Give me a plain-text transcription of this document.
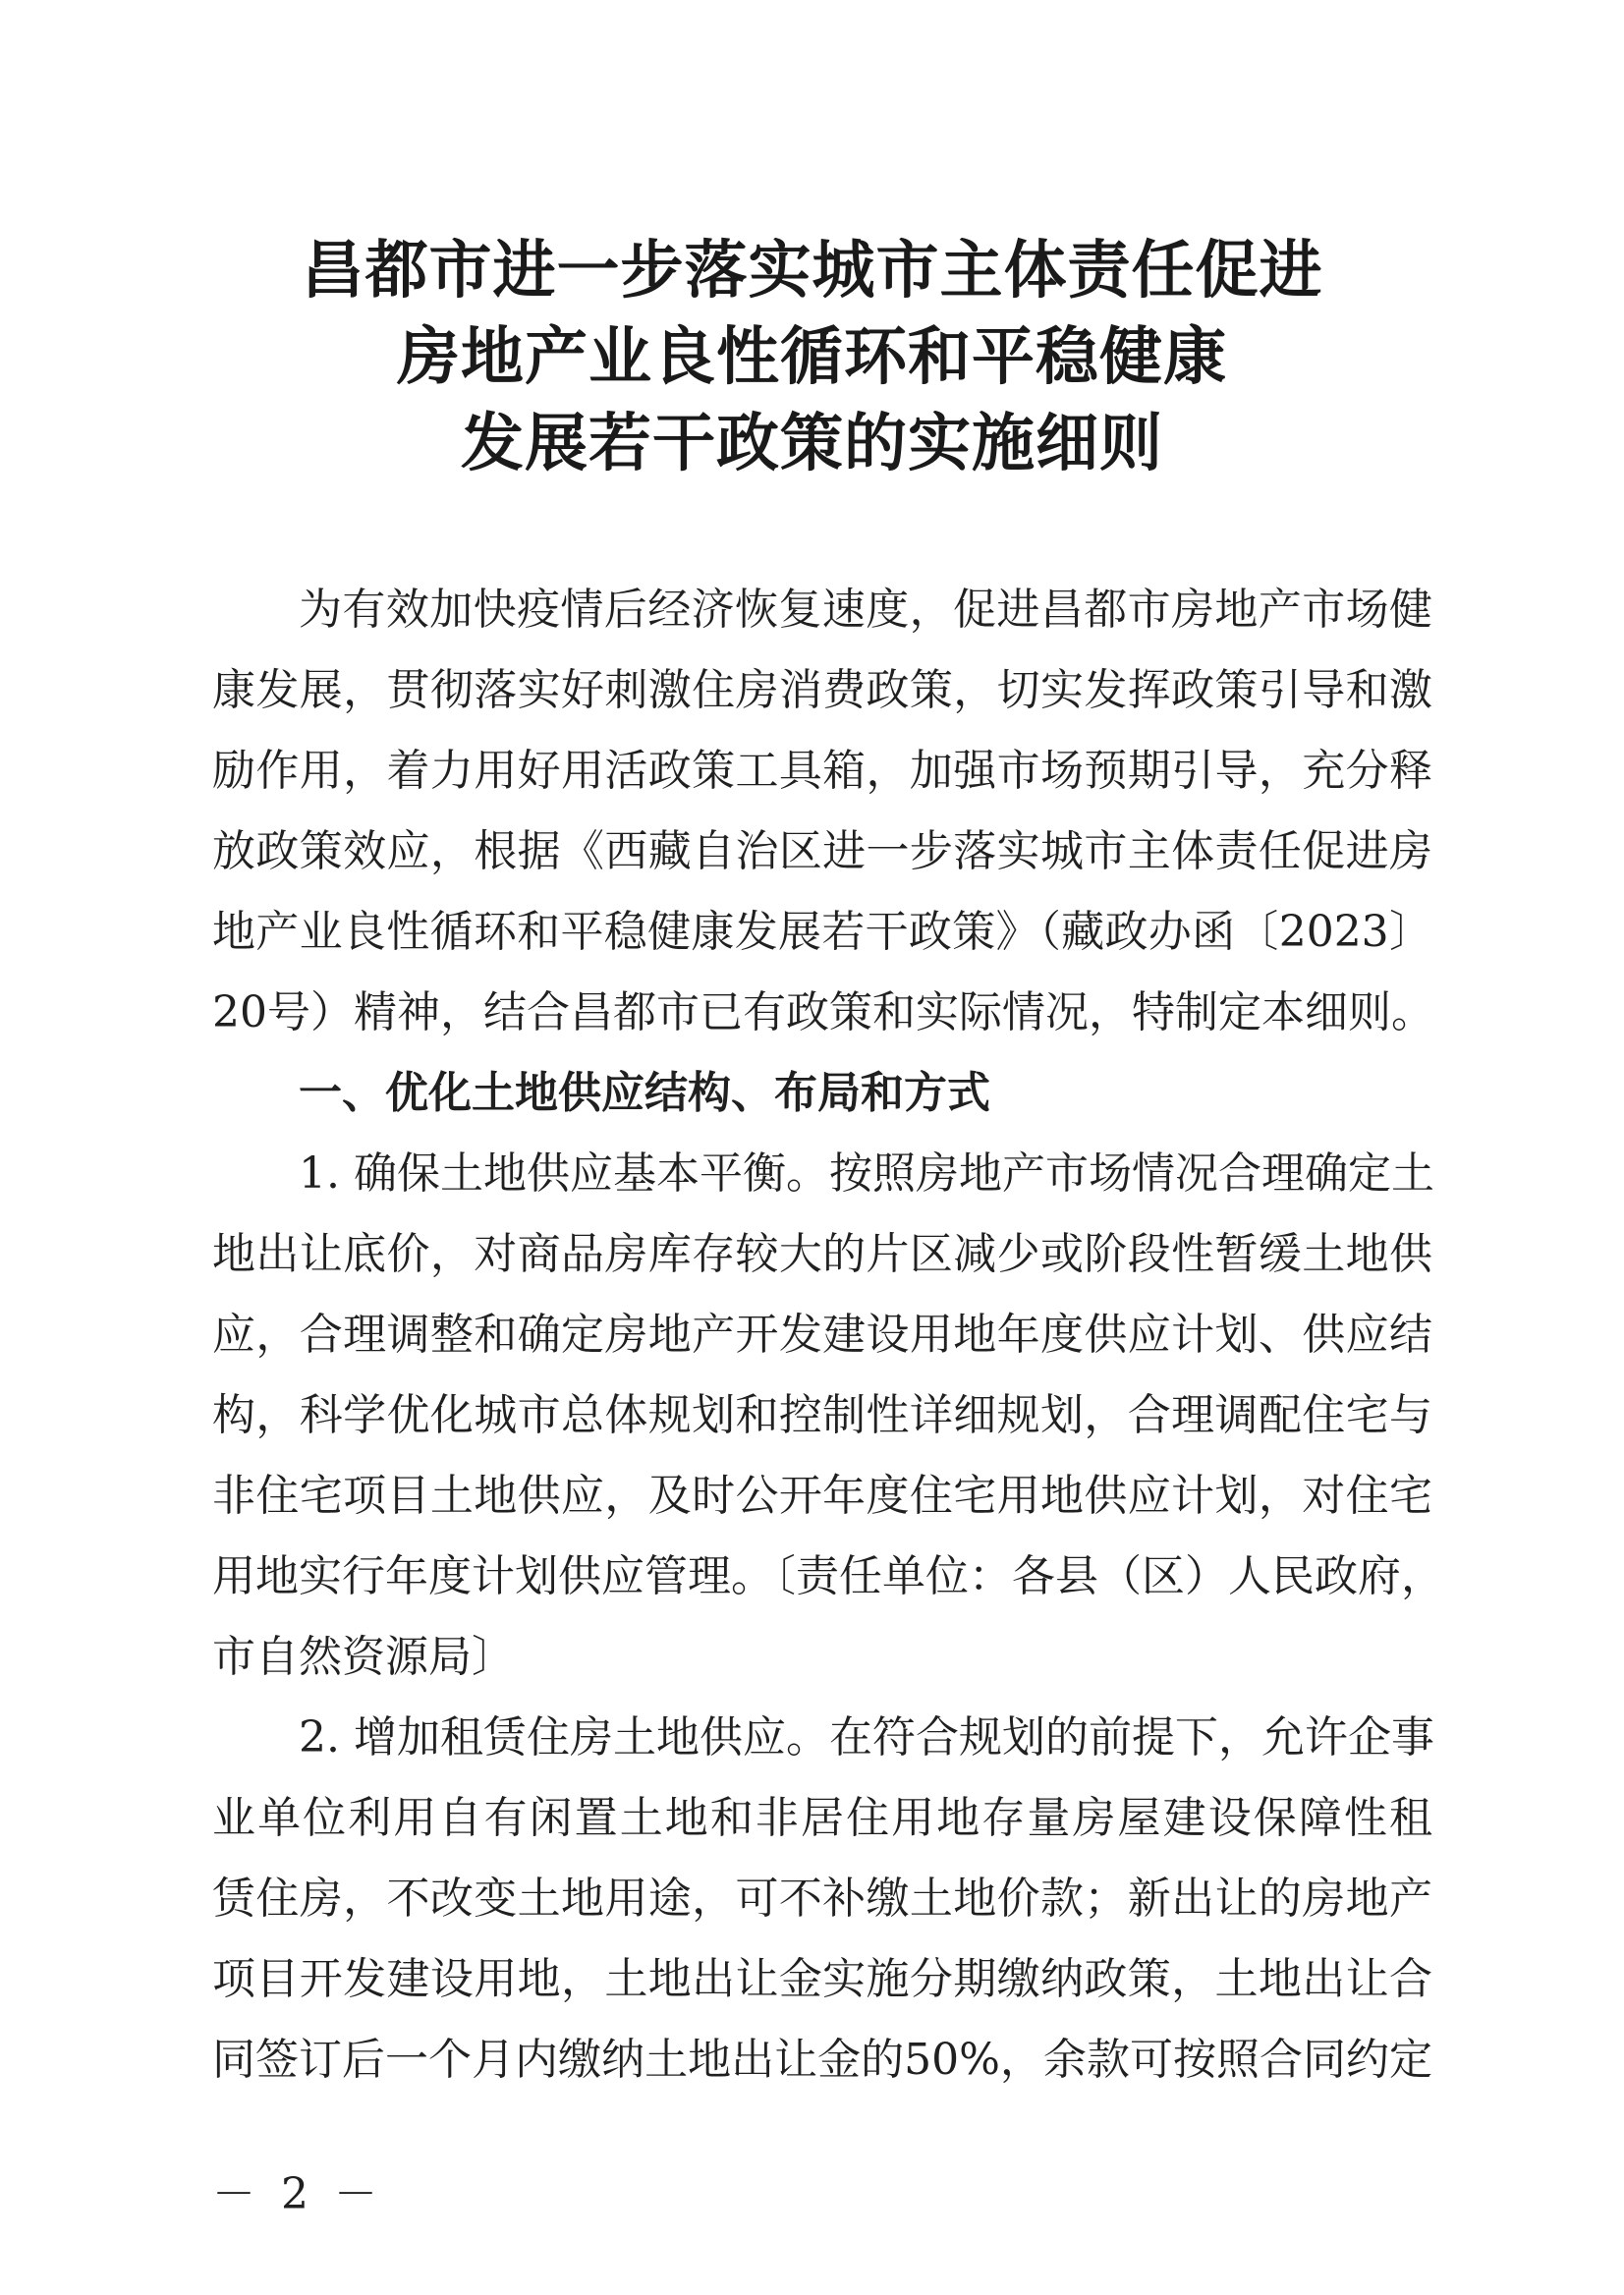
昌都市进一步落实城市主体责任促进
房地产业良性循环和平稳健康
发展若干政策的实施细则
为有效加快疫情后经济恢复速度，促进昌都市房地产市场健
康发展，贯彻落实好刺激住房消费政策，切实发挥政策引导和激
励作用，着力用好用活政策工具箱，加强市场预期引导，充分释
放政策效应，根据《西藏自治区进一步落实城市主体责任促进房
地产业良性循环和平稳健康发展若干政策》（藏政办函〔2023〕
20号）精神，结合昌都市已有政策和实际情况，特制定本细则。
一、优化土地供应结构、布局和方式
1. 确保土地供应基本平衡。按照房地产市场情况合理确定土
地出让底价，对商品房库存较大的片区减少或阶段性暂缓土地供
应，合理调整和确定房地产开发建设用地年度供应计划、供应结
构，科学优化城市总体规划和控制性详细规划，合理调配住宅与
非住宅项目土地供应，及时公开年度住宅用地供应计划，对住宅
用地实行年度计划供应管理。〔责任单位：各县（区）人民政府，
市自然资源局〕
2. 增加租赁住房土地供应。在符合规划的前提下，允许企事
业单位利用自有闲置土地和非居住用地存量房屋建设保障性租
赁住房，不改变土地用途，可不补缴土地价款；新出让的房地产
项目开发建设用地，土地出让金实施分期缴纳政策，土地出让合
同签订后一个月内缴纳土地出让金的50%，余款可按照合同约定
－ 2 －
